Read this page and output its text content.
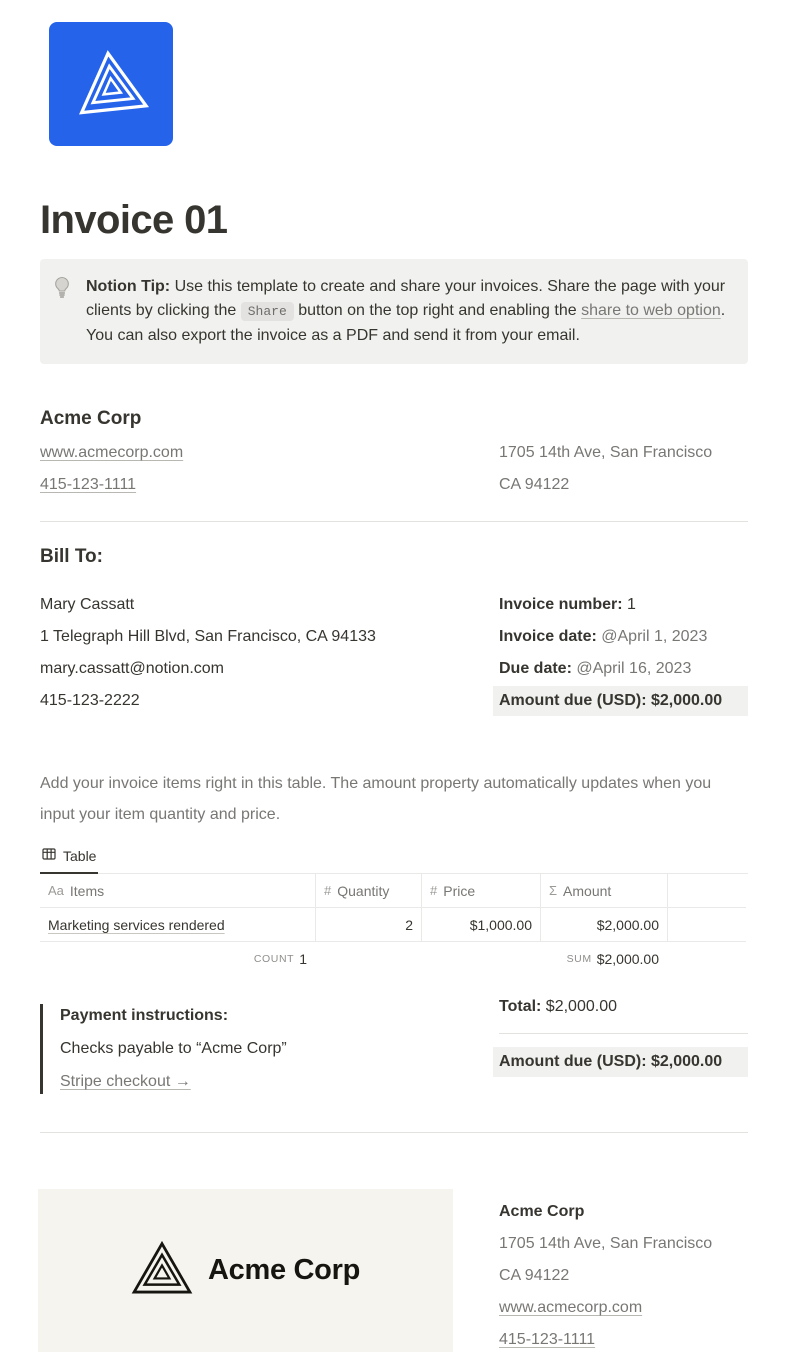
Invoice 01
Notion Tip: Use this template to create and share your invoices. Share the page with your clients by clicking the Share button on the top right and enabling the share to web option. You can also export the invoice as a PDF and send it from your email.
Acme Corp
www.acmecorp.com
415-123-1111
1705 14th Ave, San Francisco
CA 94122
Bill To:
Mary Cassatt
1 Telegraph Hill Blvd, San Francisco, CA 94133
mary.cassatt@notion.com
415-123-2222
Invoice number: 1
Invoice date: @April 1, 2023
Due date: @April 16, 2023
Amount due (USD): $2,000.00

Add your invoice items right in this table. The amount property automatically updates when you input your item quantity and price.

Table
Aa Items	# Quantity	# Price	Σ Amount
Marketing services rendered	2	$1,000.00	$2,000.00
COUNT 1	SUM $2,000.00
Payment instructions:
Checks payable to “Acme Corp”
Stripe checkout →
Total: $2,000.00
Amount due (USD): $2,000.00
Acme Corp
Acme Corp
1705 14th Ave, San Francisco
CA 94122
www.acmecorp.com
415-123-1111
